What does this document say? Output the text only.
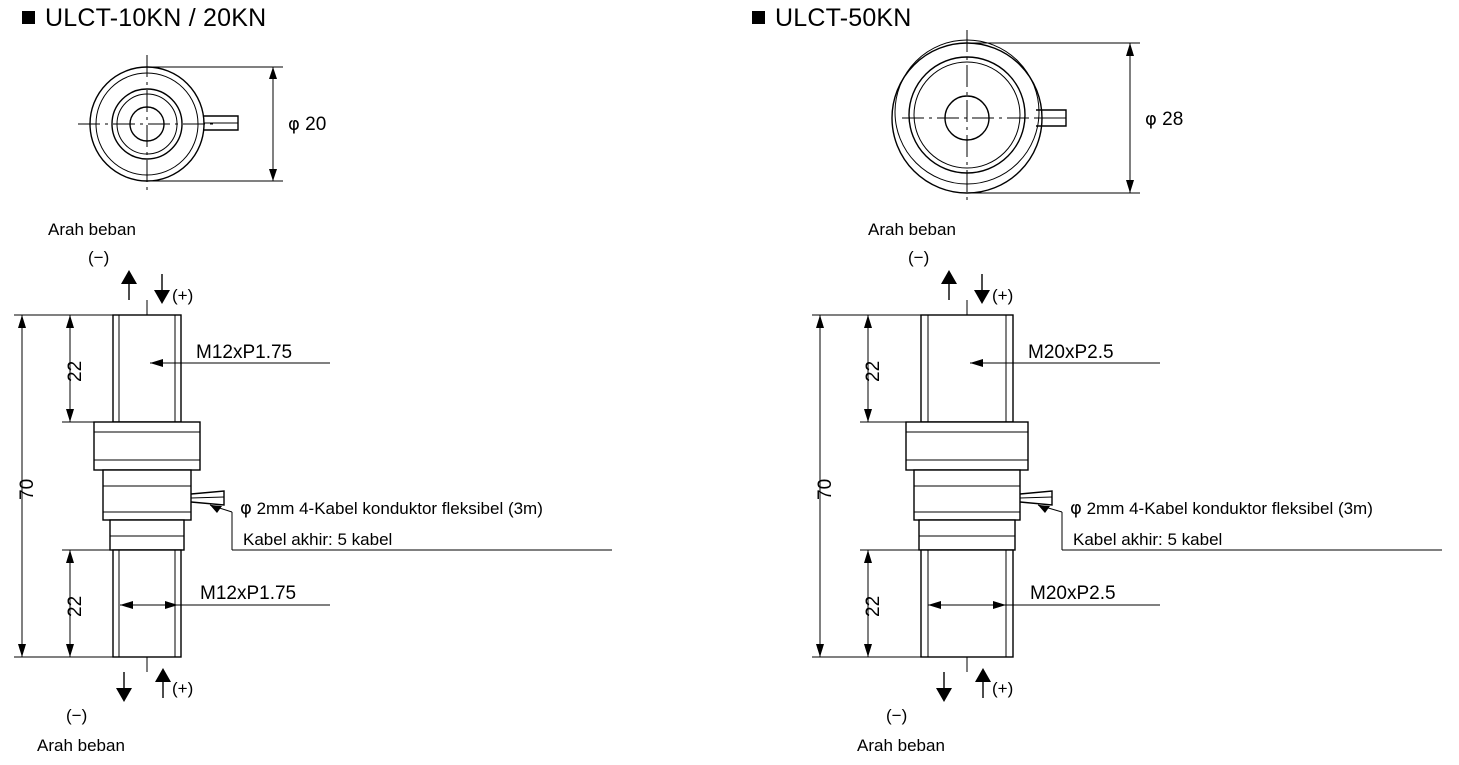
ULCT-10KN / 20KN
φ 20
Arah beban
(−)
(+)
M12xP1.75
M12xP1.75
70
22
22
φ 2mm 4-Kabel konduktor fleksibel (3m)
Kabel akhir: 5 kabel
(−)
(+)
Arah beban
ULCT-50KN
φ 28
Arah beban
(−)
(+)
M20xP2.5
M20xP2.5
70
22
22
φ 2mm 4-Kabel konduktor fleksibel (3m)
Kabel akhir: 5 kabel
(−)
(+)
Arah beban
